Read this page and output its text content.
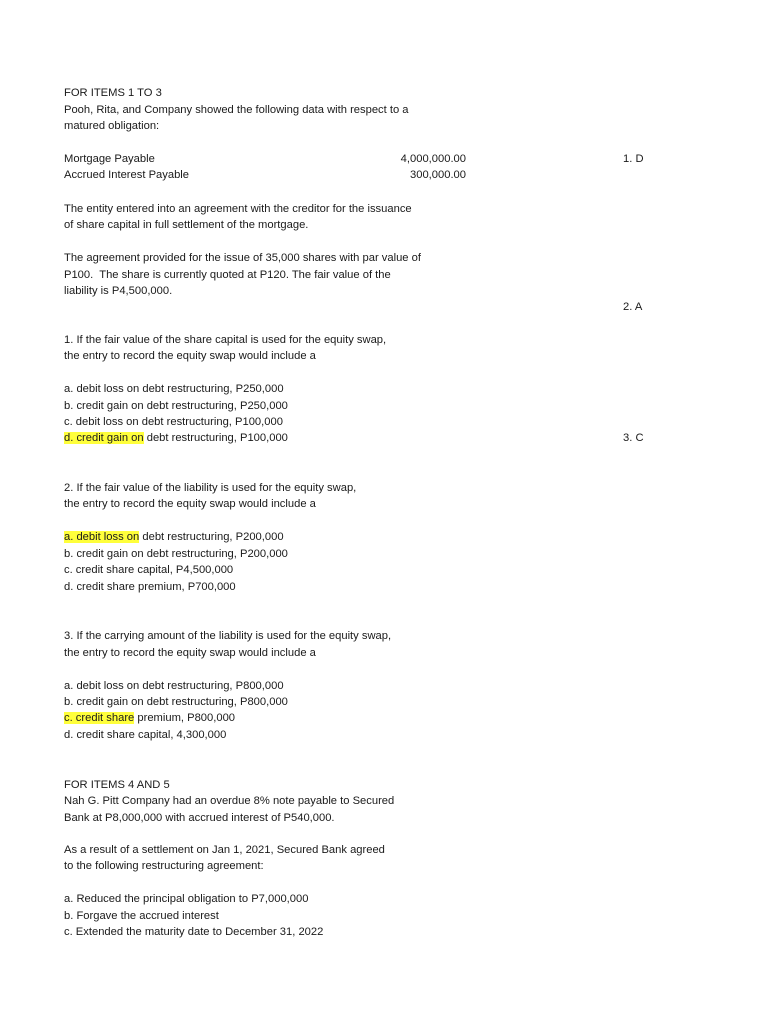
FOR ITEMS 1 TO 3
Pooh, Rita, and Company showed the following data with respect to a
matured obligation:
Mortgage Payable	4,000,000.00
Accrued Interest Payable	300,000.00
1. D
The entity entered into an agreement with the creditor for the issuance
of share capital in full settlement of the mortgage.
The agreement provided for the issue of 35,000 shares with par value of
P100.  The share is currently quoted at P120. The fair value of the
liability is P4,500,000.
2. A
1. If the fair value of the share capital is used for the equity swap,
the entry to record the equity swap would include a
a. debit loss on debt restructuring, P250,000
b. credit gain on debt restructuring, P250,000
c. debit loss on debt restructuring, P100,000
d. credit gain on debt restructuring, P100,000	3. C
2. If the fair value of the liability is used for the equity swap,
the entry to record the equity swap would include a
a. debit loss on debt restructuring, P200,000
b. credit gain on debt restructuring, P200,000
c. credit share capital, P4,500,000
d. credit share premium, P700,000
3. If the carrying amount of the liability is used for the equity swap,
the entry to record the equity swap would include a
a. debit loss on debt restructuring, P800,000
b. credit gain on debt restructuring, P800,000
c. credit share premium, P800,000
d. credit share capital, 4,300,000
FOR ITEMS 4 AND 5
Nah G. Pitt Company had an overdue 8% note payable to Secured
Bank at P8,000,000 with accrued interest of P540,000.
As a result of a settlement on Jan 1, 2021, Secured Bank agreed
to the following restructuring agreement:
a. Reduced the principal obligation to P7,000,000
b. Forgave the accrued interest
c. Extended the maturity date to December 31, 2022
